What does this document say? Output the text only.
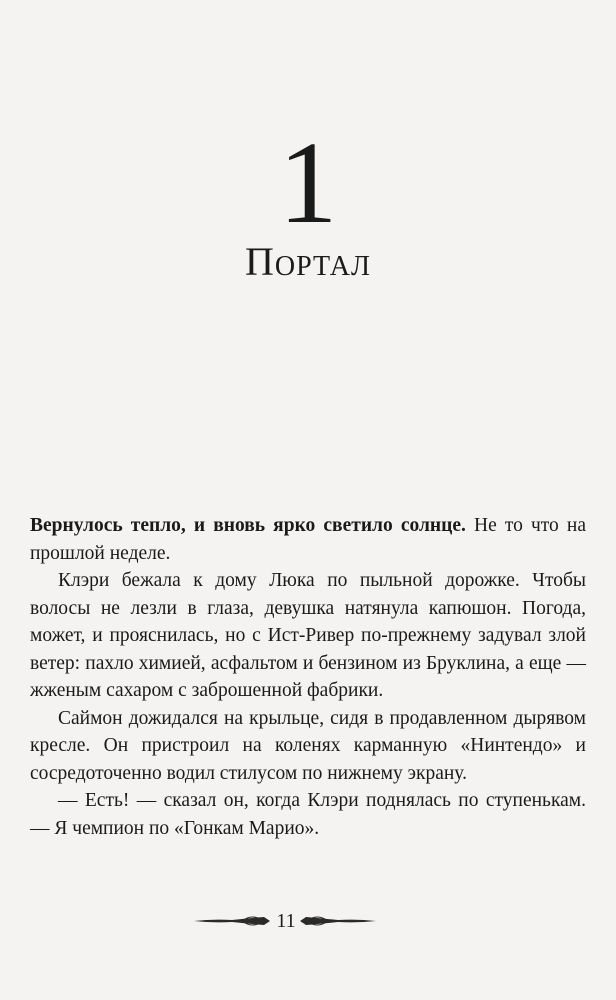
1
Портал

Вернулось тепло, и вновь ярко светило солнце. Не то что на прошлой неделе.

Клэри бежала к дому Люка по пыльной дорожке. Чтобы волосы не лезли в глаза, девушка натянула капюшон. Погода, может, и прояснилась, но с Ист-Ривер по-прежнему задувал злой ветер: пахло химией, асфальтом и бензином из Бруклина, а еще — жженым сахаром с заброшенной фабрики.

Саймон дожидался на крыльце, сидя в продавленном дырявом кресле. Он пристроил на коленях карманную «Нинтендо» и сосредоточенно водил стилусом по нижнему экрану.

— Есть! — сказал он, когда Клэри поднялась по ступенькам. — Я чемпион по «Гонкам Марио».

11
